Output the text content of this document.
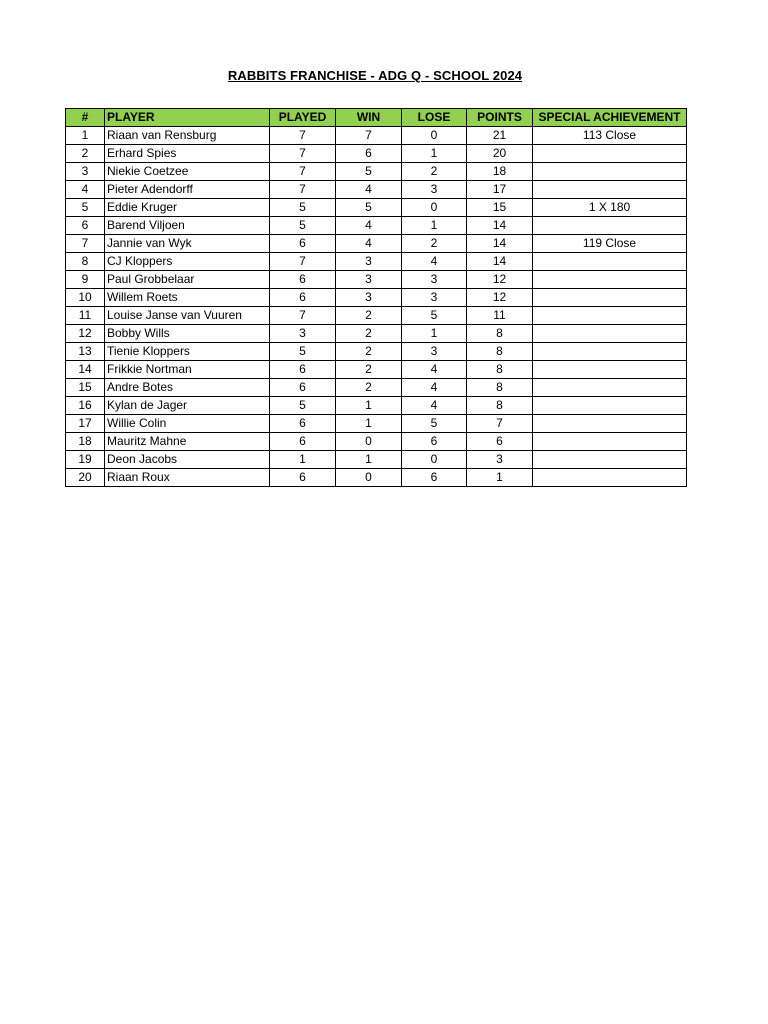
RABBITS FRANCHISE - ADG Q - SCHOOL 2024
#	PLAYER	PLAYED	WIN	LOSE	POINTS	SPECIAL ACHIEVEMENT
1	Riaan van Rensburg	7	7	0	21	113 Close
2	Erhard Spies	7	6	1	20	
3	Niekie Coetzee	7	5	2	18	
4	Pieter Adendorff	7	4	3	17	
5	Eddie Kruger	5	5	0	15	1 X 180
6	Barend Viljoen	5	4	1	14	
7	Jannie van Wyk	6	4	2	14	119 Close
8	CJ Kloppers	7	3	4	14	
9	Paul Grobbelaar	6	3	3	12	
10	Willem Roets	6	3	3	12	
11	Louise Janse van Vuuren	7	2	5	11	
12	Bobby Wills	3	2	1	8	
13	Tienie Kloppers	5	2	3	8	
14	Frikkie Nortman	6	2	4	8	
15	Andre Botes	6	2	4	8	
16	Kylan de Jager	5	1	4	8	
17	Willie Colin	6	1	5	7	
18	Mauritz Mahne	6	0	6	6	
19	Deon Jacobs	1	1	0	3	
20	Riaan Roux	6	0	6	1	
